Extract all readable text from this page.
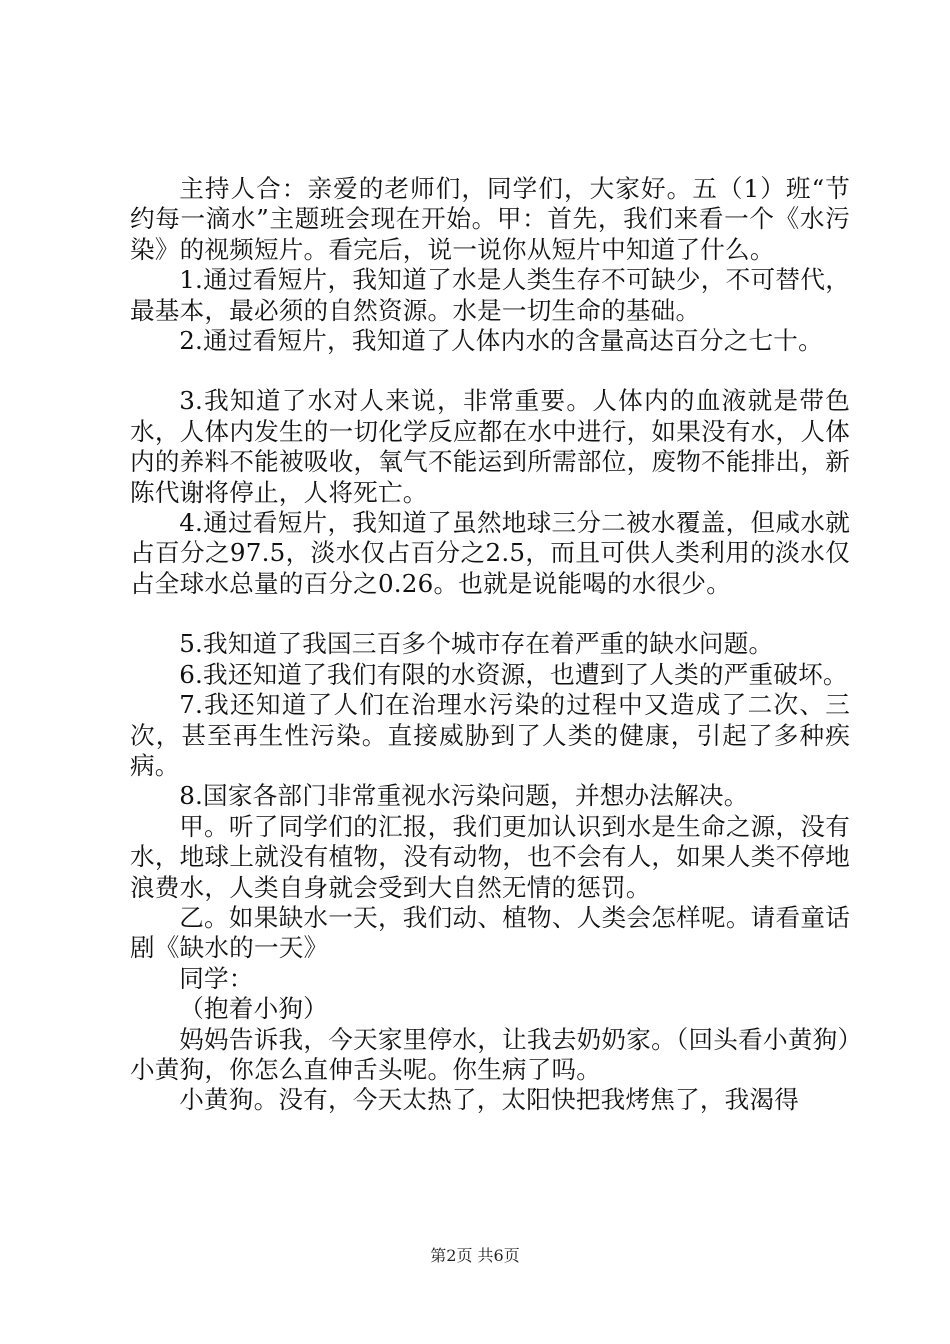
主持人合：亲爱的老师们，同学们，大家好。五（1）班“节约每一滴水”主题班会现在开始。甲：首先，我们来看一个《水污染》的视频短片。看完后，说一说你从短片中知道了什么。

1.通过看短片，我知道了水是人类生存不可缺少，不可替代，最基本，最必须的自然资源。水是一切生命的基础。

2.通过看短片，我知道了人体内水的含量高达百分之七十。

3.我知道了水对人来说，非常重要。人体内的血液就是带色水，人体内发生的一切化学反应都在水中进行，如果没有水，人体内的养料不能被吸收，氧气不能运到所需部位，废物不能排出，新陈代谢将停止，人将死亡。

4.通过看短片，我知道了虽然地球三分二被水覆盖，但咸水就占百分之97.5，淡水仅占百分之2.5，而且可供人类利用的淡水仅占全球水总量的百分之0.26。也就是说能喝的水很少。

5.我知道了我国三百多个城市存在着严重的缺水问题。

6.我还知道了我们有限的水资源，也遭到了人类的严重破坏。

7.我还知道了人们在治理水污染的过程中又造成了二次、三次，甚至再生性污染。直接威胁到了人类的健康，引起了多种疾病。

8.国家各部门非常重视水污染问题，并想办法解决。

甲。听了同学们的汇报，我们更加认识到水是生命之源，没有水，地球上就没有植物，没有动物，也不会有人，如果人类不停地浪费水，人类自身就会受到大自然无情的惩罚。

乙。如果缺水一天，我们动、植物、人类会怎样呢。请看童话剧《缺水的一天》

同学：

（抱着小狗）

妈妈告诉我，今天家里停水，让我去奶奶家。（回头看小黄狗）小黄狗，你怎么直伸舌头呢。你生病了吗。

小黄狗。没有，今天太热了，太阳快把我烤焦了，我渴得

第2页 共6页
